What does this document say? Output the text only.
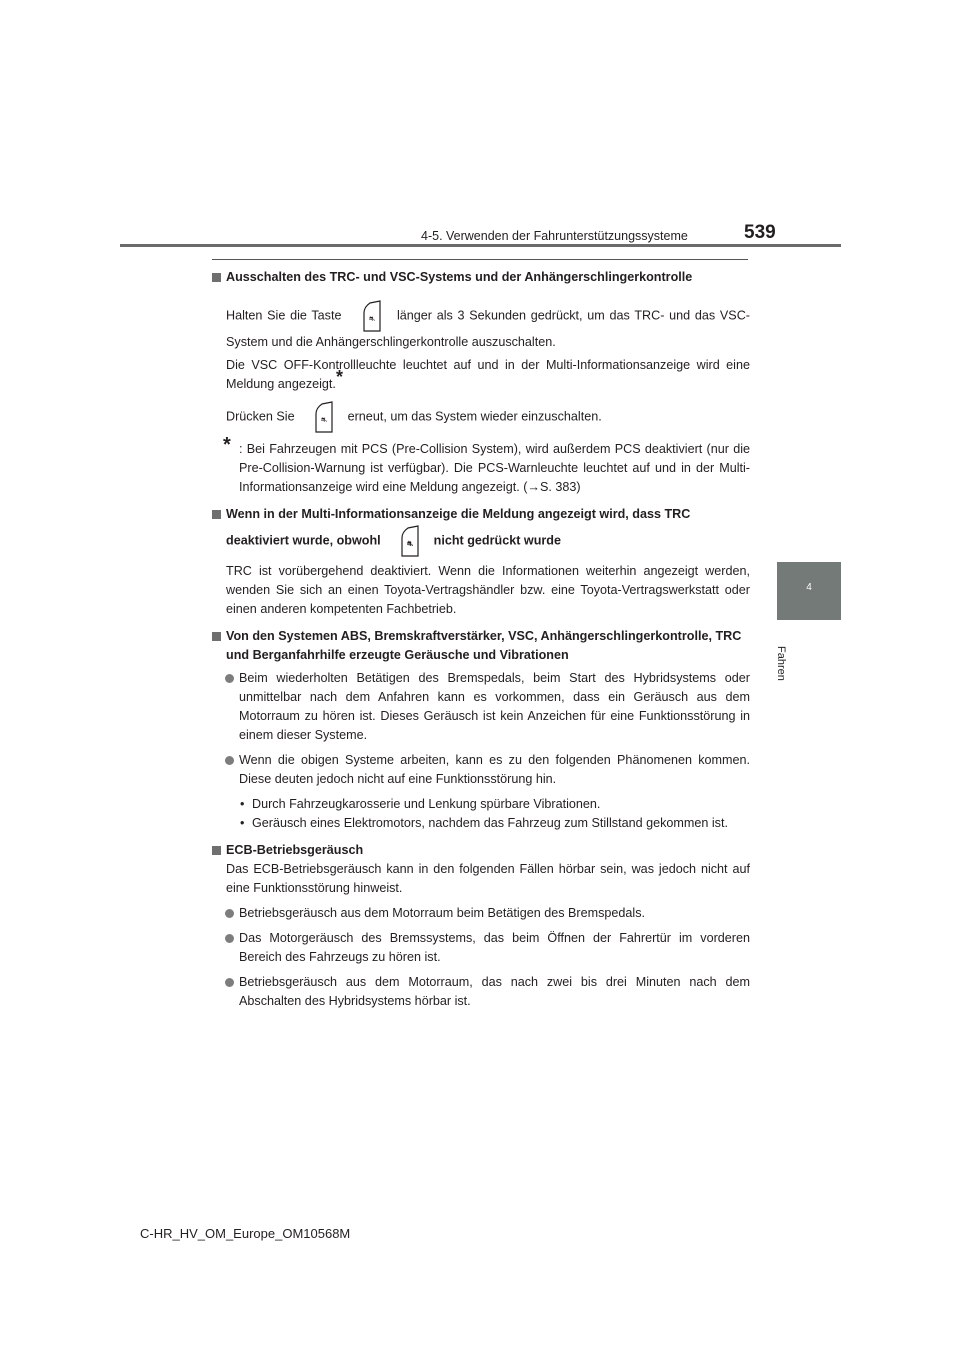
4-5. Verwenden der Fahrunterstützungssysteme	539
4
Fahren

Ausschalten des TRC- und VSC-Systems und der Anhängerschlingerkontrolle

Halten Sie die Taste	⛐ länger als 3 Sekunden gedrückt, um das TRC- und das VSC-System und die Anhängerschlingerkontrolle auszuschalten.

Die VSC OFF-Kontrollleuchte leuchtet auf und in der Multi-Informationsanzeige wird eine Meldung angezeigt.*

Drücken Sie	⛐ erneut, um das System wieder einzuschalten.

* : Bei Fahrzeugen mit PCS (Pre-Collision System), wird außerdem PCS deaktiviert (nur die Pre-Collision-Warnung ist verfügbar). Die PCS-Warnleuchte leuchtet auf und in der Multi-Informationsanzeige wird eine Meldung angezeigt. (→S. 383)

Wenn in der Multi-Informationsanzeige die Meldung angezeigt wird, dass TRC deaktiviert wurde, obwohl	⛐ nicht gedrückt wurde

TRC ist vorübergehend deaktiviert. Wenn die Informationen weiterhin angezeigt werden, wenden Sie sich an einen Toyota-Vertragshändler bzw. eine Toyota-Vertragswerkstatt oder einen anderen kompetenten Fachbetrieb.

Von den Systemen ABS, Bremskraftverstärker, VSC, Anhängerschlingerkontrolle, TRC und Berganfahrhilfe erzeugte Geräusche und Vibrationen

Beim wiederholten Betätigen des Bremspedals, beim Start des Hybridsystems oder unmittelbar nach dem Anfahren kann es vorkommen, dass ein Geräusch aus dem Motorraum zu hören ist. Dieses Geräusch ist kein Anzeichen für eine Funktionsstörung in einem dieser Systeme.

Wenn die obigen Systeme arbeiten, kann es zu den folgenden Phänomenen kommen. Diese deuten jedoch nicht auf eine Funktionsstörung hin.

• Durch Fahrzeugkarosserie und Lenkung spürbare Vibrationen.

• Geräusch eines Elektromotors, nachdem das Fahrzeug zum Stillstand gekommen ist.

ECB-Betriebsgeräusch

Das ECB-Betriebsgeräusch kann in den folgenden Fällen hörbar sein, was jedoch nicht auf eine Funktionsstörung hinweist.

Betriebsgeräusch aus dem Motorraum beim Betätigen des Bremspedals.

Das Motorgeräusch des Bremssystems, das beim Öffnen der Fahrertür im vorderen Bereich des Fahrzeugs zu hören ist.

Betriebsgeräusch aus dem Motorraum, das nach zwei bis drei Minuten nach dem Abschalten des Hybridsystems hörbar ist.

C-HR_HV_OM_Europe_OM10568M
